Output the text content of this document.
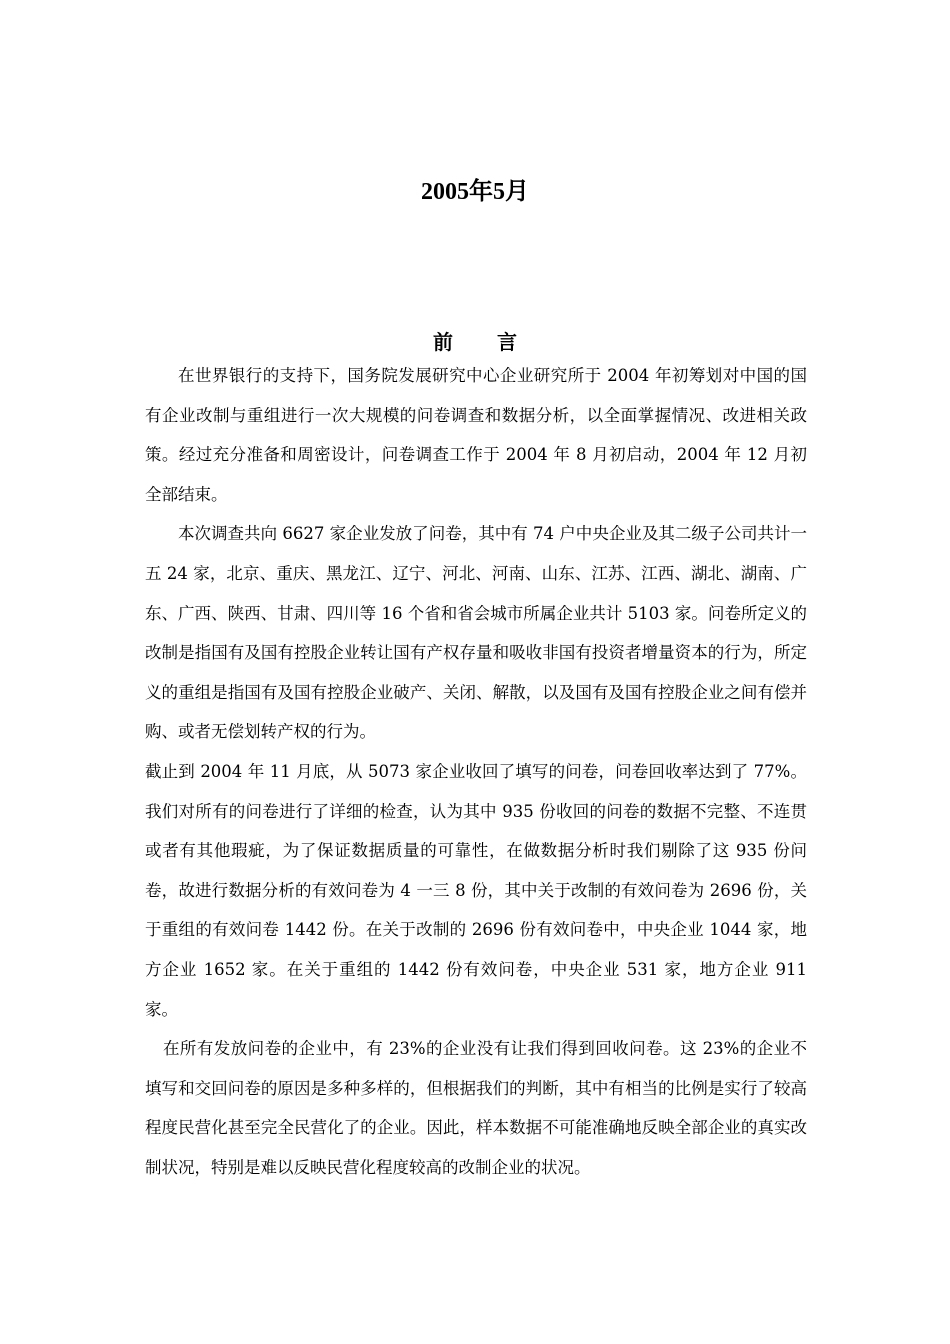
2005年5月
前言

在世界银行的支持下，国务院发展研究中心企业研究所于 2004 年初筹划对中国的国有企业改制与重组进行一次大规模的问卷调查和数据分析，以全面掌握情况、改进相关政策。经过充分准备和周密设计，问卷调查工作于 2004 年 8 月初启动，2004 年 12 月初全部结束。

本次调查共向 6627 家企业发放了问卷，其中有 74 户中央企业及其二级子公司共计一五 24 家，北京、重庆、黑龙江、辽宁、河北、河南、山东、江苏、江西、湖北、湖南、广东、广西、陕西、甘肃、四川等 16 个省和省会城市所属企业共计 5103 家。问卷所定义的改制是指国有及国有控股企业转让国有产权存量和吸收非国有投资者增量资本的行为，所定义的重组是指国有及国有控股企业破产、关闭、解散，以及国有及国有控股企业之间有偿并购、或者无偿划转产权的行为。

截止到 2004 年 11 月底，从 5073 家企业收回了填写的问卷，问卷回收率达到了 77%。我们对所有的问卷进行了详细的检查，认为其中 935 份收回的问卷的数据不完整、不连贯或者有其他瑕疵，为了保证数据质量的可靠性，在做数据分析时我们剔除了这 935 份问卷，故进行数据分析的有效问卷为 4 一三 8 份，其中关于改制的有效问卷为 2696 份，关于重组的有效问卷 1442 份。在关于改制的 2696 份有效问卷中，中央企业 1044 家，地方企业 1652 家。在关于重组的 1442 份有效问卷，中央企业 531 家，地方企业 911 家。

在所有发放问卷的企业中，有 23%的企业没有让我们得到回收问卷。这 23%的企业不填写和交回问卷的原因是多种多样的，但根据我们的判断，其中有相当的比例是实行了较高程度民营化甚至完全民营化了的企业。因此，样本数据不可能准确地反映全部企业的真实改制状况，特别是难以反映民营化程度较高的改制企业的状况。
